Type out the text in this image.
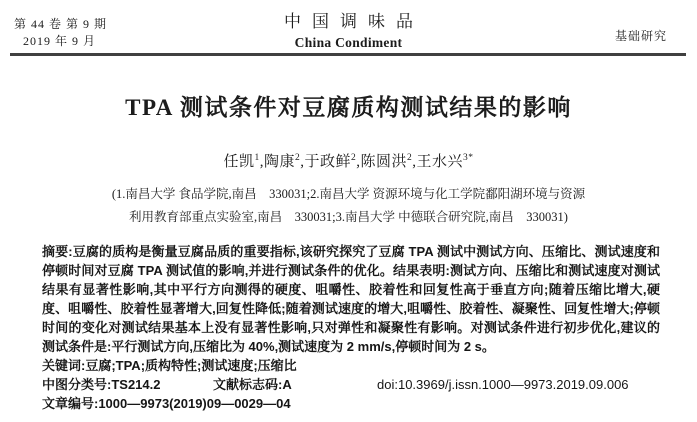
第 44 卷 第 9 期
2019 年 9 月
中国调味品
China Condiment	基础研究
TPA 测试条件对豆腐质构测试结果的影响
任凯$^1$,陶康$^2$,于政鲜$^2$,陈圆洪$^2$,王水兴$^{3*}$
(1.南昌大学 食品学院,南昌　330031;2.南昌大学 资源环境与化工学院鄱阳湖环境与资源
利用教育部重点实验室,南昌　330031;3.南昌大学 中德联合研究院,南昌　330031)

摘要:豆腐的质构是衡量豆腐品质的重要指标,该研究探究了豆腐 TPA 测试中测试方向、压缩比、测试速度和停顿时间对豆腐 TPA 测试值的影响,并进行测试条件的优化。结果表明:测试方向、压缩比和测试速度对测试结果有显著性影响,其中平行方向测得的硬度、咀嚼性、胶着性和回复性高于垂直方向;随着压缩比增大,硬度、咀嚼性、胶着性显著增大,回复性降低;随着测试速度的增大,咀嚼性、胶着性、凝聚性、回复性增大;停顿时间的变化对测试结果基本上没有显著性影响,只对弹性和凝聚性有影响。对测试条件进行初步优化,建议的测试条件是:平行测试方向,压缩比为 40%,测试速度为 2 mm/s,停顿时间为 2 s。

关键词:豆腐;TPA;质构特性;测试速度;压缩比

中图分类号:TS214.2	文献标志码:A	doi:10.3969/j.issn.1000—9973.2019.09.006

文章编号:1000—9973(2019)09—0029—04
